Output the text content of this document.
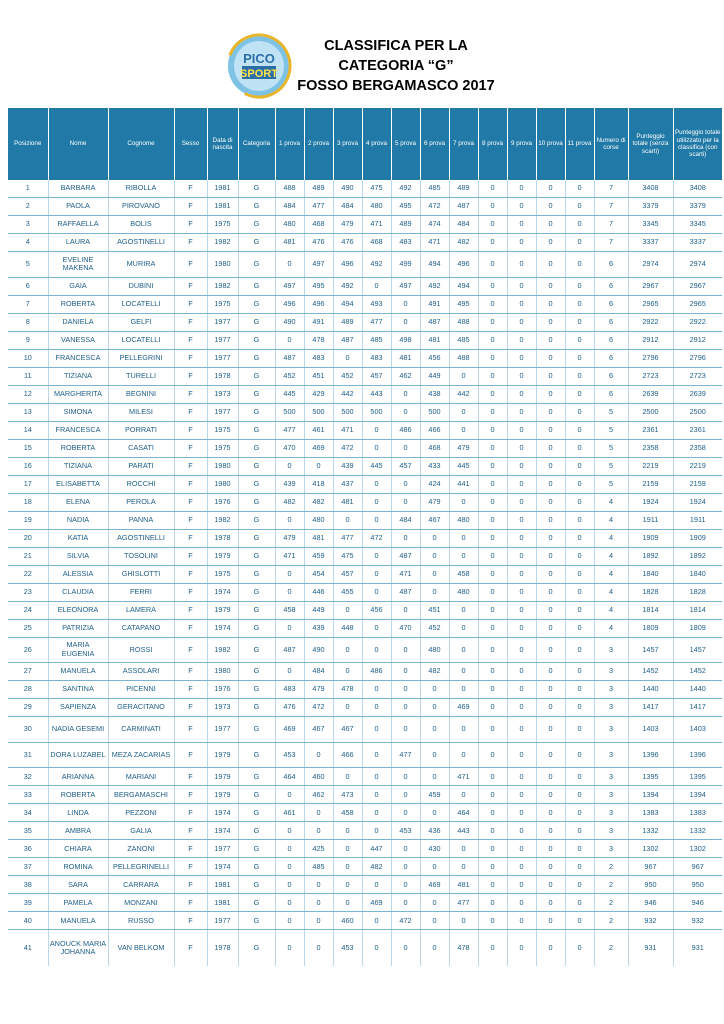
PICO
SPORT
CLASSIFICA PER LA
CATEGORIA “G”
FOSSO BERGAMASCO 2017
Posizione	Nome	Cognome	Sesso	Data di nascita	Categoria	1 prova	2 prova	3 prova	4 prova	5 prova	6 prova	7 prova	8 prova	9 prova	10 prova	11 prova	Numero di corse	Punteggio totale (senza scarti)	Punteggio totale utilizzato per la classifica (con scarti)
1	BARBARA	RIBOLLA	F	1981	G	488	489	490	475	492	485	489	0	0	0	0	7	3408	3408
2	PAOLA	PIROVANO	F	1981	G	484	477	484	480	495	472	487	0	0	0	0	7	3379	3379
3	RAFFAELLA	BOLIS	F	1975	G	480	468	479	471	489	474	484	0	0	0	0	7	3345	3345
4	LAURA	AGOSTINELLI	F	1982	G	481	476	476	468	483	471	482	0	0	0	0	7	3337	3337
5	EVELINE MAKENA	MURIRA	F	1980	G	0	497	496	492	499	494	496	0	0	0	0	6	2974	2974
6	GAIA	DUBINI	F	1982	G	497	495	492	0	497	492	494	0	0	0	0	6	2967	2967
7	ROBERTA	LOCATELLI	F	1975	G	496	496	494	493	0	491	495	0	0	0	0	6	2965	2965
8	DANIELA	GELFI	F	1977	G	490	491	489	477	0	487	488	0	0	0	0	6	2922	2922
9	VANESSA	LOCATELLI	F	1977	G	0	478	487	485	498	481	485	0	0	0	0	6	2912	2912
10	FRANCESCA	PELLEGRINI	F	1977	G	487	483	0	483	481	456	488	0	0	0	0	6	2796	2796
11	TIZIANA	TURELLI	F	1978	G	452	451	452	457	462	449	0	0	0	0	0	6	2723	2723
12	MARGHERITA	BEGNINI	F	1973	G	445	429	442	443	0	438	442	0	0	0	0	6	2639	2639
13	SIMONA	MILESI	F	1977	G	500	500	500	500	0	500	0	0	0	0	0	5	2500	2500
14	FRANCESCA	PORRATI	F	1975	G	477	461	471	0	486	466	0	0	0	0	0	5	2361	2361
15	ROBERTA	CASATI	F	1975	G	470	469	472	0	0	468	479	0	0	0	0	5	2358	2358
16	TIZIANA	PARATI	F	1980	G	0	0	439	445	457	433	445	0	0	0	0	5	2219	2219
17	ELISABETTA	ROCCHI	F	1980	G	439	418	437	0	0	424	441	0	0	0	0	5	2159	2159
18	ELENA	PEROLA	F	1976	G	482	482	481	0	0	479	0	0	0	0	0	4	1924	1924
19	NADIA	PANNA	F	1982	G	0	480	0	0	484	467	480	0	0	0	0	4	1911	1911
20	KATIA	AGOSTINELLI	F	1978	G	479	481	477	472	0	0	0	0	0	0	0	4	1909	1909
21	SILVIA	TOSOLINI	F	1979	G	471	459	475	0	487	0	0	0	0	0	0	4	1892	1892
22	ALESSIA	GHISLOTTI	F	1975	G	0	454	457	0	471	0	458	0	0	0	0	4	1840	1840
23	CLAUDIA	FERRI	F	1974	G	0	446	455	0	487	0	480	0	0	0	0	4	1828	1828
24	ELEONORA	LAMERA	F	1979	G	458	449	0	456	0	451	0	0	0	0	0	4	1814	1814
25	PATRIZIA	CATAPANO	F	1974	G	0	439	448	0	470	452	0	0	0	0	0	4	1809	1809
26	MARIA EUGENIA	ROSSI	F	1982	G	487	490	0	0	0	480	0	0	0	0	0	3	1457	1457
27	MANUELA	ASSOLARI	F	1980	G	0	484	0	486	0	482	0	0	0	0	0	3	1452	1452
28	SANTINA	PICENNI	F	1976	G	483	479	478	0	0	0	0	0	0	0	0	3	1440	1440
29	SAPIENZA	GERACITANO	F	1973	G	476	472	0	0	0	0	469	0	0	0	0	3	1417	1417
30	NADIA GESEMI	CARMINATI	F	1977	G	469	467	467	0	0	0	0	0	0	0	0	3	1403	1403
31	DORA LUZABEL	MEZA ZACARIAS	F	1979	G	453	0	466	0	477	0	0	0	0	0	0	3	1396	1396
32	ARIANNA	MARIANI	F	1979	G	464	460	0	0	0	0	471	0	0	0	0	3	1395	1395
33	ROBERTA	BERGAMASCHI	F	1979	G	0	462	473	0	0	459	0	0	0	0	0	3	1394	1394
34	LINDA	PEZZONI	F	1974	G	461	0	458	0	0	0	464	0	0	0	0	3	1383	1383
35	AMBRA	GALIA	F	1974	G	0	0	0	0	453	436	443	0	0	0	0	3	1332	1332
36	CHIARA	ZANONI	F	1977	G	0	425	0	447	0	430	0	0	0	0	0	3	1302	1302
37	ROMINA	PELLEGRINELLI	F	1974	G	0	485	0	482	0	0	0	0	0	0	0	2	967	967
38	SARA	CARRARA	F	1981	G	0	0	0	0	0	469	481	0	0	0	0	2	950	950
39	PAMELA	MONZANI	F	1981	G	0	0	0	469	0	0	477	0	0	0	0	2	946	946
40	MANUELA	RUSSO	F	1977	G	0	0	460	0	472	0	0	0	0	0	0	2	932	932
41	ANOUCK MARIA JOHANNA	VAN BELKOM	F	1978	G	0	0	453	0	0	0	478	0	0	0	0	2	931	931
